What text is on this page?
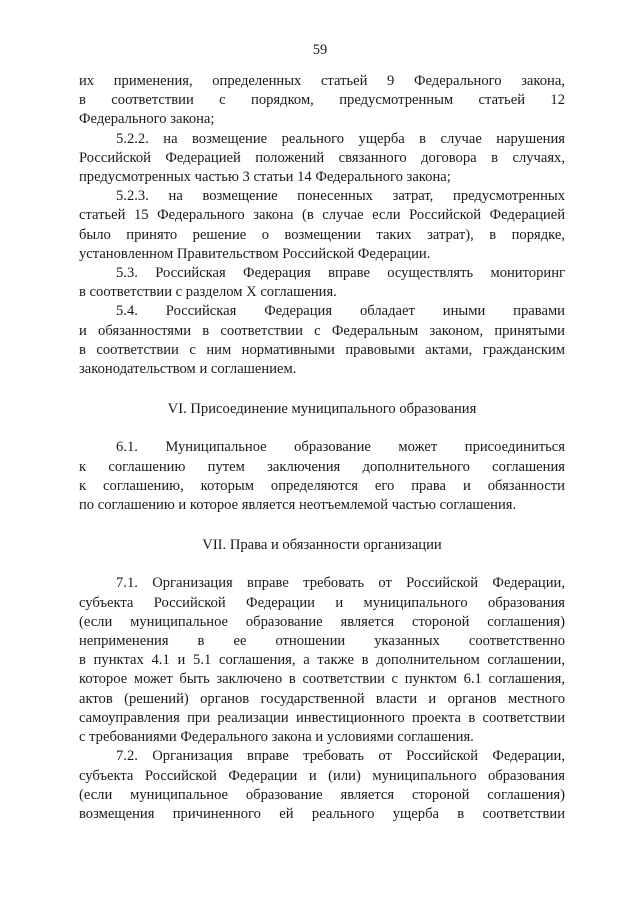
59
их применения, определенных статьей 9 Федерального закона,
в соответствии с порядком, предусмотренным статьей 12
Федерального закона;
5.2.2. на возмещение реального ущерба в случае нарушения
Российской Федерацией положений связанного договора в случаях,
предусмотренных частью 3 статьи 14 Федерального закона;
5.2.3. на возмещение понесенных затрат, предусмотренных
статьей 15 Федерального закона (в случае если Российской Федерацией
было принято решение о возмещении таких затрат), в порядке,
установленном Правительством Российской Федерации.
5.3. Российская Федерация вправе осуществлять мониторинг
в соответствии с разделом X соглашения.
5.4. Российская Федерация обладает иными правами
и обязанностями в соответствии с Федеральным законом, принятыми
в соответствии с ним нормативными правовыми актами, гражданским
законодательством и соглашением.
VI. Присоединение муниципального образования
6.1. Муниципальное образование может присоединиться
к соглашению путем заключения дополнительного соглашения
к соглашению, которым определяются его права и обязанности
по соглашению и которое является неотъемлемой частью соглашения.
VII. Права и обязанности организации
7.1. Организация вправе требовать от Российской Федерации,
субъекта Российской Федерации и муниципального образования
(если муниципальное образование является стороной соглашения)
неприменения в ее отношении указанных соответственно
в пунктах 4.1 и 5.1 соглашения, а также в дополнительном соглашении,
которое может быть заключено в соответствии с пунктом 6.1 соглашения,
актов (решений) органов государственной власти и органов местного
самоуправления при реализации инвестиционного проекта в соответствии
с требованиями Федерального закона и условиями соглашения.
7.2. Организация вправе требовать от Российской Федерации,
субъекта Российской Федерации и (или) муниципального образования
(если муниципальное образование является стороной соглашения)
возмещения причиненного ей реального ущерба в соответствии
